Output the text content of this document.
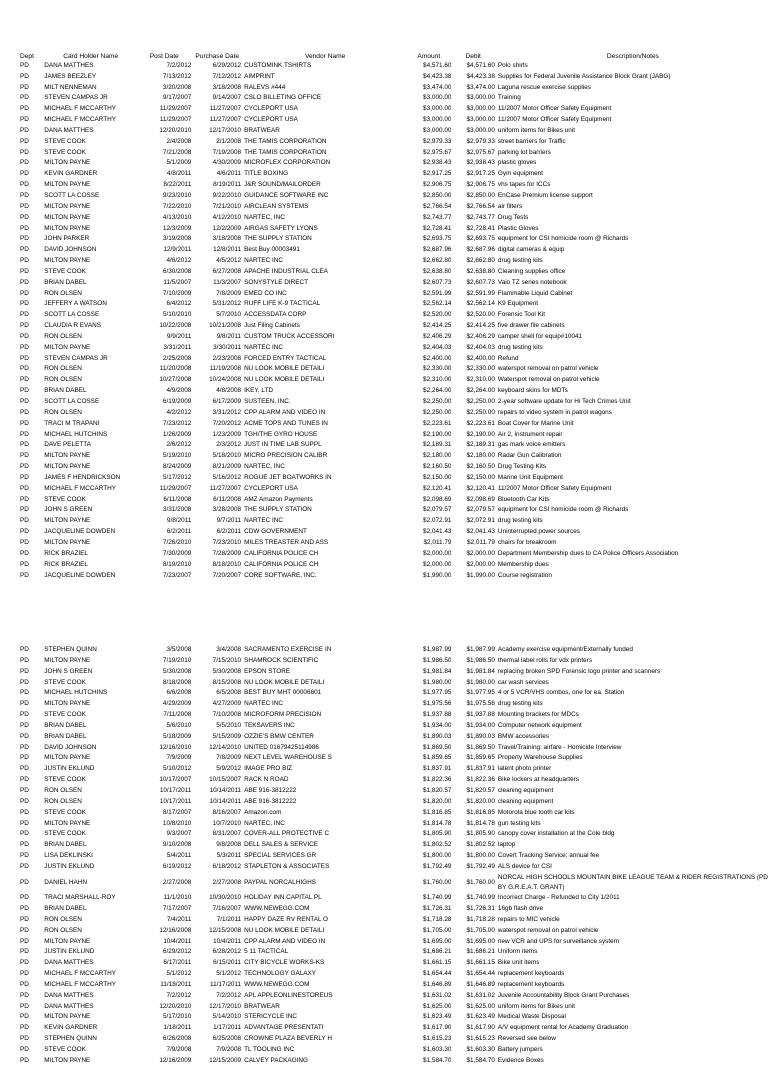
Dept	Card Holder Name	Post Date	Purchase Date	Vendor Name	Amount	Debit	Description/Notes
PD	DANA MATTHES	7/2/2012	6/29/2012	CUSTOMINK TSHIRTS	$4,571.60	$4,571.60	Polo shirts
PD	JAMES BEEZLEY	7/13/2012	7/12/2012	AIMPRINT	$4,423.38	$4,423.38	Supplies for Federal Juvenile Assistance Block Grant (JABG)
PD	MILT NENNEMAN	3/20/2008	3/18/2008	RALEVS #444	$3,474.00	$3,474.00	Laguna rescue exercise supplies
PD	STEVEN CAMPAS JR	9/17/2007	9/14/2007	CSLO BILLETING OFFICE	$3,000.00	$3,000.00	Training
PD	MICHAEL F MCCARTHY	11/29/2007	11/27/2007	CYCLEPORT USA	$3,000.00	$3,000.00	11/2007 Motor Officer Safety Equipment
PD	MICHAEL F MCCARTHY	11/29/2007	11/27/2007	CYCLEPORT USA	$3,000.00	$3,000.00	11/2007 Motor Officer Safety Equipment
PD	DANA MATTHES	12/20/2010	12/17/2010	BRATWEAR	$3,000.00	$3,000.00	uniform items for Bikes unit
PD	STEVE COOK	2/4/2008	2/1/2008	THE TAMIS CORPORATION	$2,979.33	$2,979.33	street barriers for Traffic
PD	STEVE COOK	7/21/2008	7/19/2008	THE TAMIS CORPORATION	$2,975.67	$2,975.67	parking lot barriers
PD	MILTON PAYNE	5/1/2009	4/30/2009	MICROFLEX CORPORATION	$2,938.43	$2,938.43	plastic gloves
PD	KEVIN GARDNER	4/8/2011	4/6/2011	TITLE BOXING	$2,917.25	$2,917.25	Gym equipment
PD	MILTON PAYNE	8/22/2011	8/19/2011	J&R SOUND/MAILORDER	$2,906.75	$2,906.75	vhs tapes for ICCs
PD	SCOTT LA COSSE	9/23/2010	9/22/2010	GUIDANCE SOFTWARE INC	$2,850.00	$2,850.00	EnCase Premium license support
PD	MILTON PAYNE	7/22/2010	7/21/2010	AIRCLEAN SYSTEMS	$2,766.54	$2,766.54	air filters
PD	MILTON PAYNE	4/13/2010	4/12/2010	NARTEC, INC	$2,743.77	$2,743.77	Drug Tests
PD	MILTON PAYNE	12/3/2009	12/2/2009	AIRGAS SAFETY LYONS	$2,728.41	$2,728.41	Plastic Gloves
PD	JOHN PARKER	3/19/2008	3/18/2008	THE SUPPLY STATION	$2,693.75	$2,693.75	equipment for CSI homicide room @ Richards
PD	DAVID JOHNSON	12/9/2011	12/8/2011	Best Buy 00003491	$2,687.96	$2,687.96	digital cameras & equip
PD	MILTON PAYNE	4/6/2012	4/5/2012	NARTEC INC	$2,662.80	$2,662.80	drug testing kits
PD	STEVE COOK	6/30/2008	6/27/2008	APACHE INDUSTRIAL CLEA	$2,638.80	$2,638.80	Cleaning supplies office
PD	BRIAN DABEL	11/5/2007	11/3/2007	SONYSTYLE DIRECT	$2,607.73	$2,607.73	Vaio TZ series notebook
PD	RON OLSEN	7/10/2009	7/8/2009	EMED CO INC	$2,591.99	$2,591.99	Flammable Liquid Cabinet
PD	JEFFERY A WATSON	6/4/2012	5/31/2012	RUFF LIFE K-9 TACTICAL	$2,562.14	$2,562.14	K9 Equipment
PD	SCOTT LA COSSE	5/10/2010	5/7/2010	ACCESSDATA CORP	$2,520.00	$2,520.00	Forensic Tool Kit
PD	CLAUDIA R EVANS	10/22/2008	10/21/2008	Just Filing Cabinets	$2,414.25	$2,414.25	five drawer file cabinets
PD	RON OLSEN	9/9/2011	9/8/2011	CUSTOM TRUCK ACCESSORI	$2,406.29	$2,406.29	camper shell for equip#10041
PD	MILTON PAYNE	3/31/2011	3/30/2011	NARTEC INC	$2,404.03	$2,404.03	drug testing kits
PD	STEVEN CAMPAS JR	2/25/2008	2/23/2008	FORCED ENTRY TACTICAL	$2,400.00	$2,400.00	Refund
PD	RON OLSEN	11/20/2008	11/19/2008	NU LOOK MOBILE DETAILI	$2,330.00	$2,330.00	waterspot removal on patrol vehicle
PD	RON OLSEN	10/27/2008	10/24/2008	NU LOOK MOBILE DETAILI	$2,310.00	$2,310.00	Waterspot removal on patrol vehicle
PD	BRIAN DABEL	4/9/2008	4/8/2008	IKEY, LTD	$2,264.00	$2,264.00	keyboard skins for MDTs
PD	SCOTT LA COSSE	6/19/2009	6/17/2009	SUSTEEN, INC.	$2,250.00	$2,250.00	2-year software update for Hi Tech Crimes Unit
PD	RON OLSEN	4/2/2012	3/31/2012	CPP ALARM AND VIDEO IN	$2,250.00	$2,250.00	repairs to video system in patrol wagons
PD	TRACI M TRAPANI	7/23/2012	7/20/2012	ACME TOPS AND TUNES IN	$2,223.61	$2,223.61	Boat Cover for Marine Unit
PD	MICHAEL HUTCHINS	1/26/2009	1/23/2009	TGH/THE GYRO HOUSE	$2,190.00	$2,190.00	Air 2, instrument repair
PD	DAVE PELETTA	2/6/2012	2/3/2012	JUST IN TIME LAB SUPPL	$2,189.31	$2,189.31	gas mark voice emitters
PD	MILTON PAYNE	5/19/2010	5/18/2010	MICRO PRECISION CALIBR	$2,180.00	$2,180.00	Radar Gun Calibration
PD	MILTON PAYNE	8/24/2009	8/21/2009	NARTEC, INC	$2,160.50	$2,160.50	Drug Testing Kits
PD	JAMES F HENDRICKSON	5/17/2012	5/16/2012	ROGUE JET BOATWORKS IN	$2,150.00	$2,150.00	Marine Unit Equipment
PD	MICHAEL F MCCARTHY	11/29/2007	11/27/2007	CYCLEPORT USA	$2,120.41	$2,120.41	11/2007 Motor Officer Safety Equipment
PD	STEVE COOK	6/11/2008	6/11/2008	AMZ Amazon Payments	$2,098.69	$2,098.69	Bluetooth Car Kits
PD	JOHN S GREEN	3/31/2008	3/28/2008	THE SUPPLY STATION	$2,079.57	$2,079.57	equipment for CSI homicide room @ Richards
PD	MILTON PAYNE	9/8/2011	9/7/2011	NARTEC INC	$2,072.91	$2,072.91	drug testing kits
PD	JACQUELINE DOWDEN	6/2/2011	6/2/2011	CDW GOVERNMENT	$2,041.43	$2,041.43	Uninterrupted power sources
PD	MILTON PAYNE	7/26/2010	7/23/2010	MILES TREASTER AND ASS	$2,011.79	$2,011.79	chairs for breakroom
PD	RICK BRAZIEL	7/30/2009	7/28/2009	CALIFORNIA POLICE CH	$2,000.00	$2,000.00	Department Membership dues to CA Police Officers Association
PD	RICK BRAZIEL	8/19/2010	8/18/2010	CALIFORNIA POLICE CH	$2,000.00	$2,000.00	Membership dues
PD	JACQUELINE DOWDEN	7/23/2007	7/20/2007	CORE SOFTWARE, INC.	$1,990.00	$1,990.00	Course registration
PD	STEPHEN QUINN	3/5/2008	3/4/2008	SACRAMENTO EXERCISE IN	$1,987.99	$1,987.99	Academy exercise equipment/Externally funded
PD	MILTON PAYNE	7/19/2010	7/15/2010	SHAMROCK SCIENTIFIC	$1,986.50	$1,986.50	thermal label rolls for vdx printers
PD	JOHN S GREEN	5/30/2008	5/30/2008	EPSON STORE	$1,981.84	$1,981.84	replacing broken SPD Forensic logo printer and scanners
PD	STEVE COOK	8/18/2008	8/15/2008	NU LOOK MOBILE DETAILI	$1,980.00	$1,980.00	car wash services
PD	MICHAEL HUTCHINS	6/6/2008	6/5/2008	BEST BUY MHT 00006601	$1,977.95	$1,977.95	4 or 5 VCR/VHS combos, one for ea. Station
PD	MILTON PAYNE	4/29/2009	4/27/2009	NARTEC INC	$1,975.56	$1,975.56	drug testing kits
PD	STEVE COOK	7/11/2008	7/10/2008	MICROFORM PRECISION	$1,937.88	$1,937.88	Mounting brackets for MDCs
PD	BRIAN DABEL	5/6/2010	5/5/2010	TEKSAVERS INC	$1,934.00	$1,934.00	Computer network equipment
PD	BRIAN DABEL	5/18/2009	5/15/2009	OZZIE'S BMW CENTER	$1,890.03	$1,890.03	BMW accessories
PD	DAVID JOHNSON	12/16/2010	12/14/2010	UNITED 01679425114986	$1,869.50	$1,869.50	Travel/Training: airfare - Homicide Interview
PD	MILTON PAYNE	7/9/2009	7/8/2009	NEXT LEVEL WAREHOUSE S	$1,859.65	$1,859.65	Property Warehouse Supplies
PD	JUSTIN EKLUND	5/10/2012	5/9/2012	IMAGE PRO BIZ	$1,837.91	$1,837.91	latent photo printer
PD	STEVE COOK	10/17/2007	10/15/2007	RACK N ROAD	$1,822.36	$1,822.36	Bike lockers at headquarters
PD	RON OLSEN	10/17/2011	10/14/2011	ABE 916-3812222	$1,820.57	$1,820.57	cleaning equipment
PD	RON OLSEN	10/17/2011	10/14/2011	ABE 916-3812222	$1,820.00	$1,820.00	cleaning equipment
PD	STEVE COOK	8/17/2007	8/16/2007	Amazon.com	$1,816.85	$1,816.85	Motorola blue tooth car kits
PD	MILTON PAYNE	10/8/2010	10/7/2010	NARTEC, INC	$1,814.78	$1,814.78	gun testing kits
PD	STEVE COOK	9/3/2007	8/31/2007	COVER-ALL PROTECTIVE C	$1,805.90	$1,805.90	canopy cover installation at the Cole bldg
PD	BRIAN DABEL	9/10/2008	9/8/2008	DELL SALES & SERVICE	$1,802.52	$1,802.52	laptop
PD	LISA DEKLINSKI	5/4/2011	5/3/2011	SPECIAL SERVICES GR	$1,800.00	$1,800.00	Covert Tracking Service; annual fee
PD	JUSTIN EKLUND	6/19/2012	6/18/2012	STAPLETON & ASSOCIATES	$1,792.49	$1,792.49	ALS device for CSI
PD	DANIEL HAHN	2/27/2008	2/27/2008	PAYPAL NORCALHIGHS	$1,760.00	$1,760.00	NORCAL HIGH SCHOOLS MOUNTAIN BIKE LEAGUE TEAM & RIDER REGISTRATIONS (PD BY G.R.E.A.T. GRANT)
PD	TRACI MARSHALL-ROY	11/1/2010	10/30/2010	HOLIDAY INN CAPITAL PL	$1,740.99	$1,740.99	Incorrect Charge - Refunded to City 1/2011
PD	BRIAN DABEL	7/17/2007	7/16/2007	WWW.NEWEGG.COM	$1,726.31	$1,726.31	16gb flash drive
PD	RON OLSEN	7/4/2011	7/1/2011	HAPPY DAZE RV RENTAL O	$1,718.28	$1,718.28	repairs to MIC vehicle
PD	RON OLSEN	12/16/2008	12/15/2008	NU LOOK MOBILE DETAILI	$1,705.00	$1,705.00	waterspot removal on patrol vehicle
PD	MILTON PAYNE	10/4/2011	10/4/2011	CPP ALARM AND VIDEO IN	$1,695.00	$1,695.00	new VCR and UPS for surveillance system
PD	JUSTIN EKLUND	6/29/2012	6/28/2012	5 11 TACTICAL	$1,686.21	$1,686.21	Uniform items
PD	DANA MATTHES	6/17/2011	6/15/2011	CITY BICYCLE WORKS-KS	$1,661.15	$1,661.15	Bike unit items
PD	MICHAEL F MCCARTHY	5/1/2012	5/1/2012	TECHNOLOGY GALAXY	$1,654.44	$1,654.44	replacement keyboards
PD	MICHAEL F MCCARTHY	11/18/2011	11/17/2011	WWW.NEWEGG.COM	$1,646.89	$1,646.89	replacement keyboards
PD	DANA MATTHES	7/2/2012	7/2/2012	APL APPLEONLINESTOREUS	$1,631.02	$1,631.02	Juvenile Accountability Block Grant Purchases
PD	DANA MATTHES	12/20/2010	12/17/2010	BRATWEAR	$1,625.00	$1,625.00	uniform items for Bikes unit
PD	MILTON PAYNE	5/17/2010	5/14/2010	STERICYCLE INC	$1,623.49	$1,623.49	Medical Waste Disposal
PD	KEVIN GARDNER	1/18/2011	1/17/2011	ADVANTAGE PRESENTATI	$1,617.90	$1,617.90	A/V equipment rental for Academy Graduation
PD	STEPHEN QUINN	6/26/2008	6/25/2008	CROWNE PLAZA BEVERLY H	$1,615.23	$1,615.23	Reversed see below
PD	STEVE COOK	7/9/2008	7/9/2008	TL TOOLING INC	$1,603.30	$1,603.30	Battery jumpers
PD	MILTON PAYNE	12/16/2009	12/15/2009	CALVEY PACKAGING	$1,584.70	$1,584.70	Evidence Boxes
